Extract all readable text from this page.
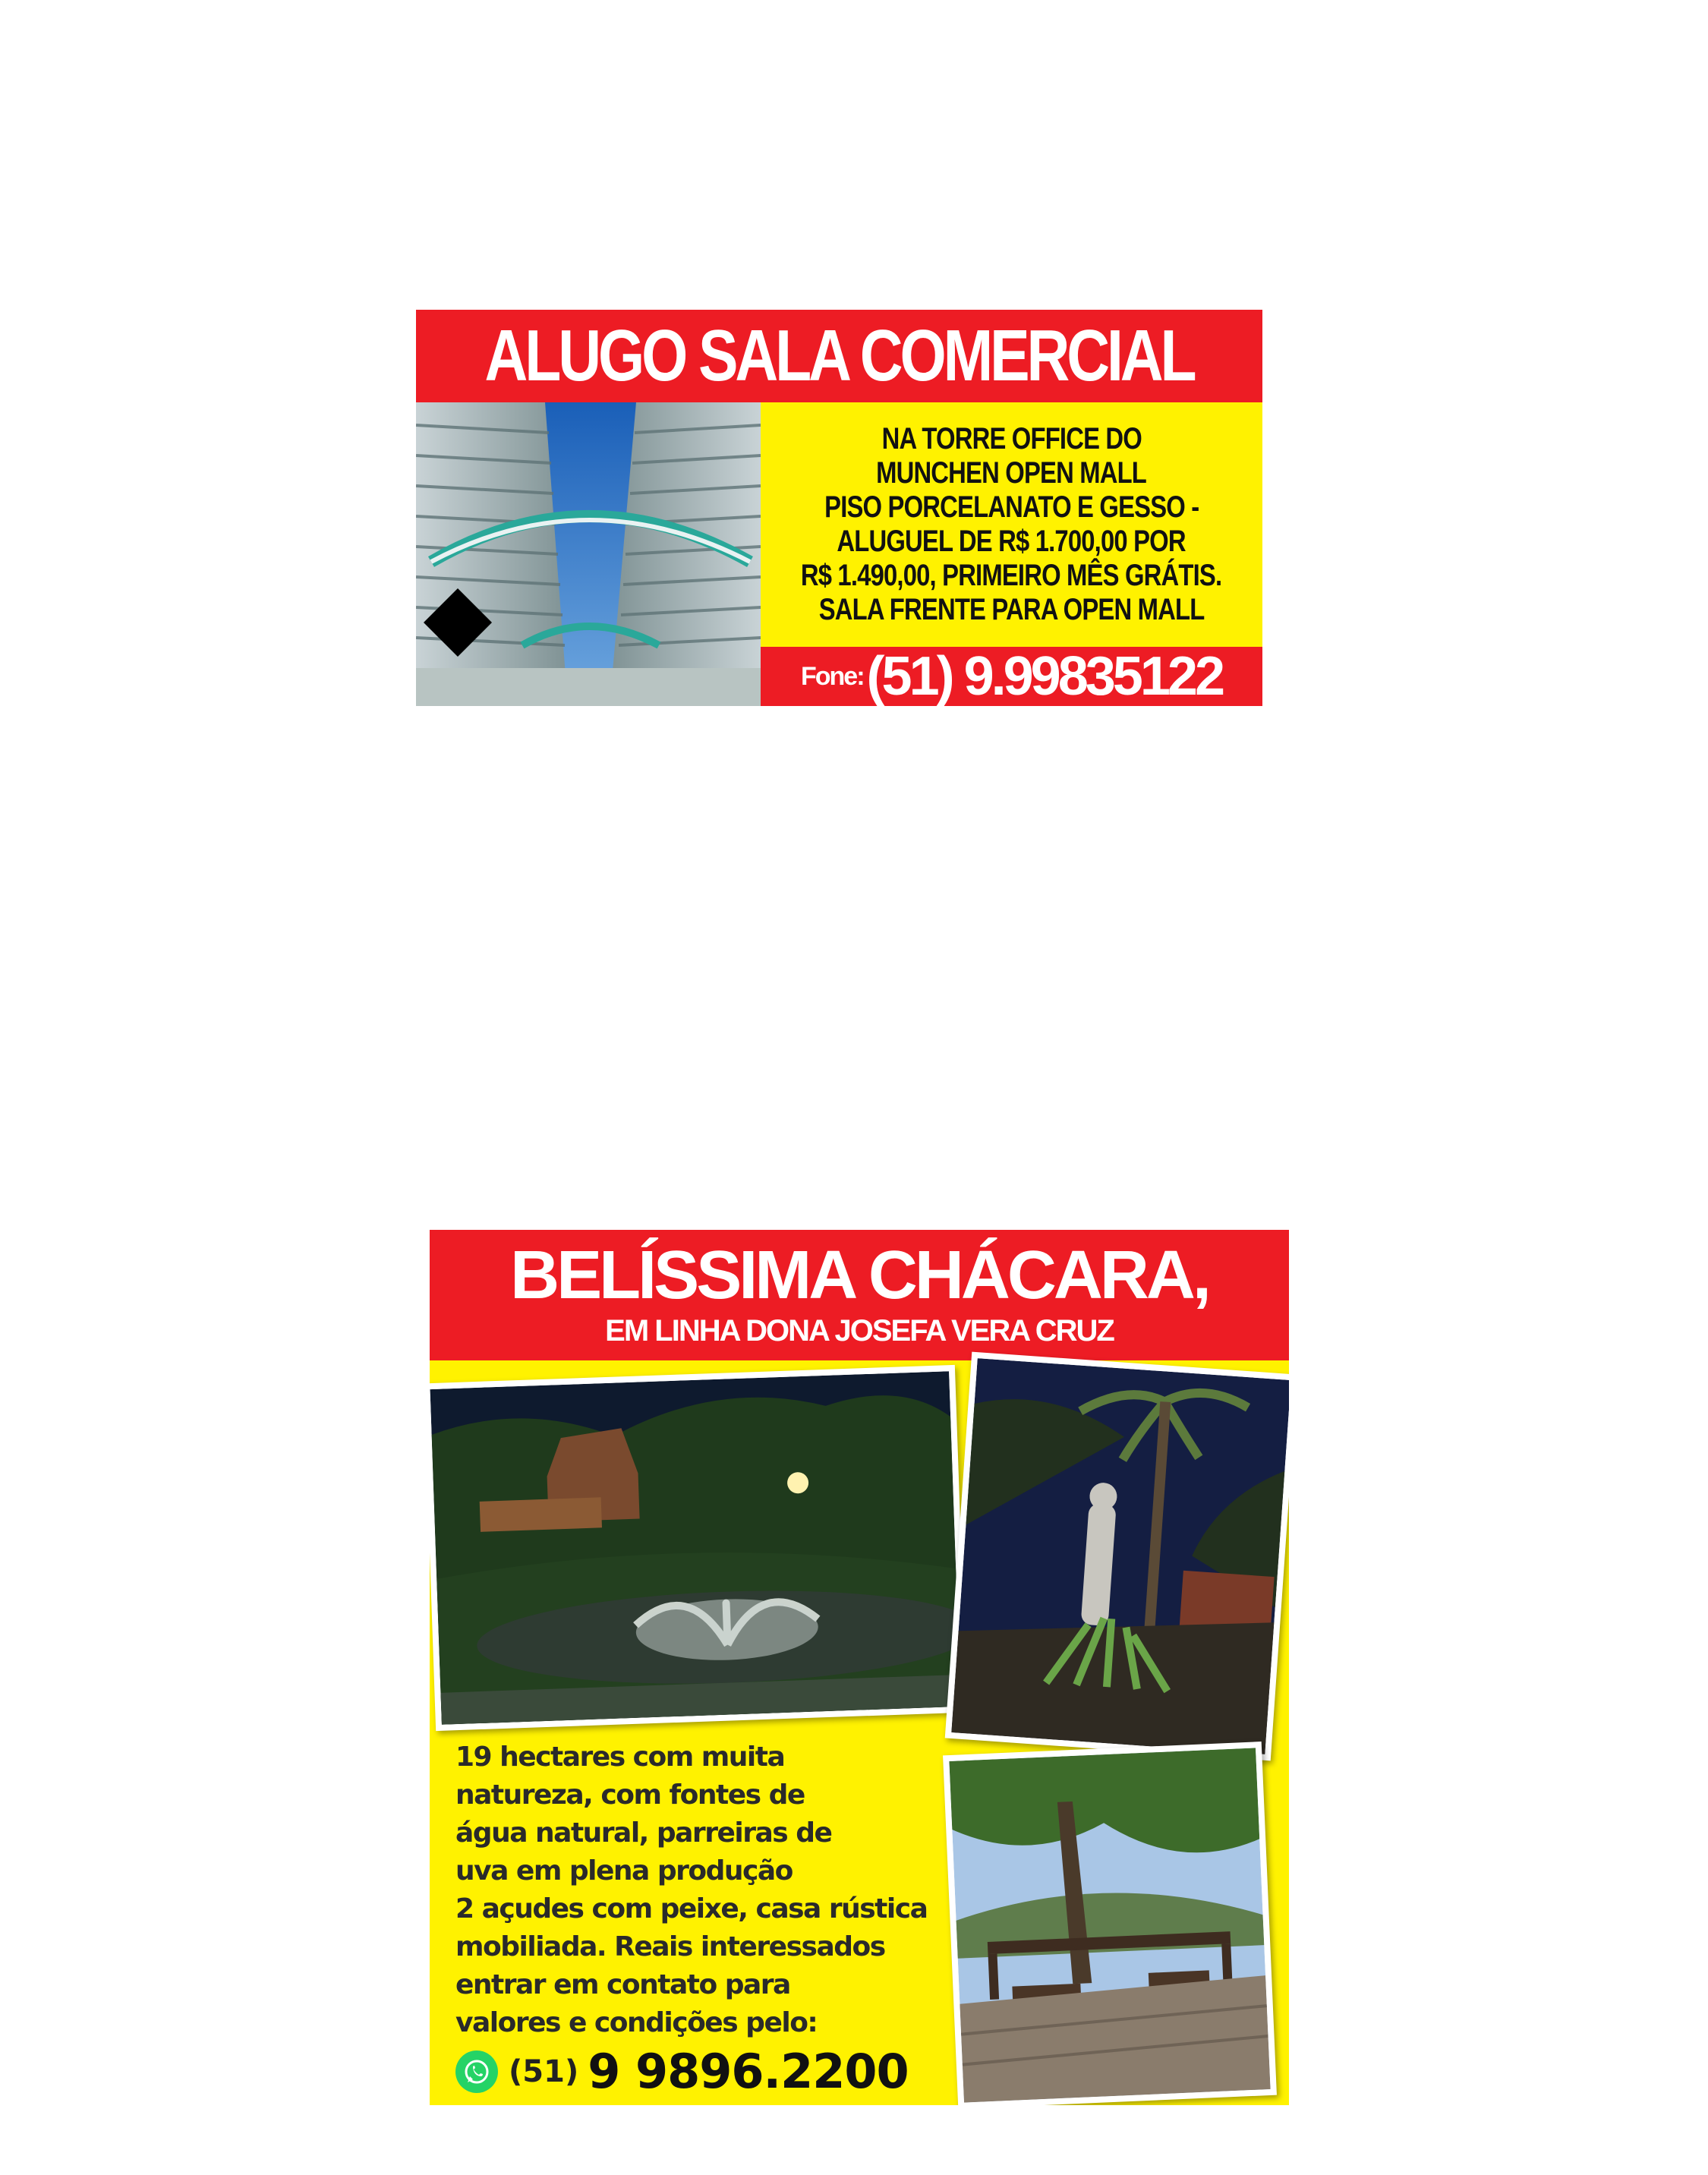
ALUGO SALA COMERCIAL
NA TORRE OFFICE DO
MUNCHEN OPEN MALL
PISO PORCELANATO E GESSO -
ALUGUEL DE R$ 1.700,00 POR
R$ 1.490,00, PRIMEIRO MÊS GRÁTIS.
SALA FRENTE PARA OPEN MALL
Fone: (51) 9.99835122
BELÍSSIMA CHÁCARA,
EM LINHA DONA JOSEFA VERA CRUZ
19 hectares com muita
natureza, com fontes de
água natural, parreiras de
uva em plena produção
2 açudes com peixe, casa rústica
mobiliada. Reais interessados
entrar em contato para
valores e condições pelo:
(51) 9 9896.2200
